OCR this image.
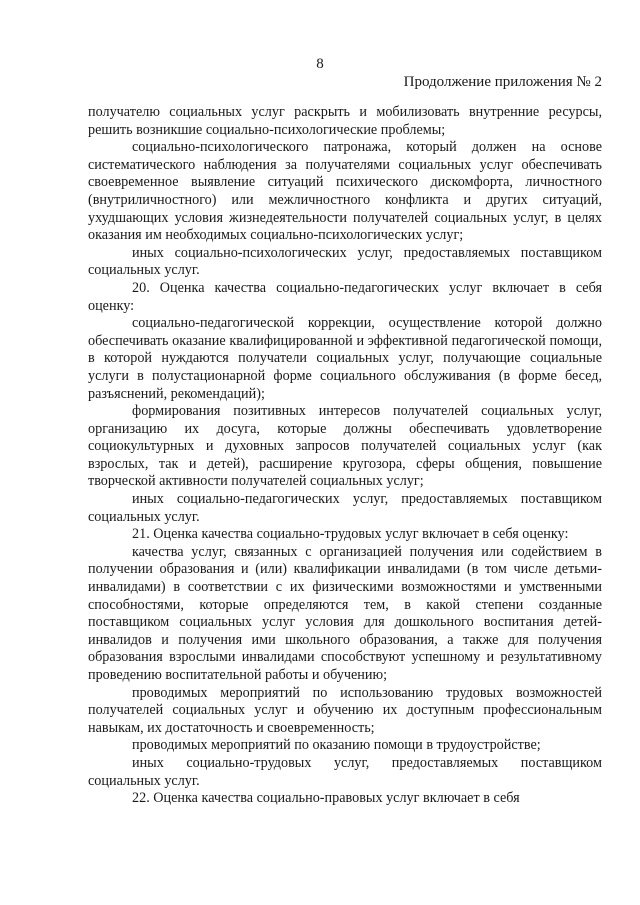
8
Продолжение приложения № 2

получателю социальных услуг раскрыть и мобилизовать внутренние ресурсы, решить возникшие социально-психологические проблемы;

социально-психологического патронажа, который должен на основе систематического наблюдения за получателями социальных услуг обеспечивать своевременное выявление ситуаций психического дискомфорта, личностного (внутриличностного) или межличностного конфликта и других ситуаций, ухудшающих условия жизнедеятельности получателей социальных услуг, в целях оказания им необходимых социально-психологических услуг;

иных социально-психологических услуг, предоставляемых поставщиком социальных услуг.

20. Оценка качества социально-педагогических услуг включает в себя оценку:

социально-педагогической коррекции, осуществление которой должно обеспечивать оказание квалифицированной и эффективной педагогической помощи, в которой нуждаются получатели социальных услуг, получающие социальные услуги в полустационарной форме социального обслуживания (в форме бесед, разъяснений, рекомендаций);

формирования позитивных интересов получателей социальных услуг, организацию их досуга, которые должны обеспечивать удовлетворение социокультурных и духовных запросов получателей социальных услуг (как взрослых, так и детей), расширение кругозора, сферы общения, повышение творческой активности получателей социальных услуг;

иных социально-педагогических услуг, предоставляемых поставщиком социальных услуг.

21. Оценка качества социально-трудовых услуг включает в себя оценку:

качества услуг, связанных с организацией получения или содействием в получении образования и (или) квалификации инвалидами (в том числе детьми-инвалидами) в соответствии с их физическими возможностями и умственными способностями, которые определяются тем, в какой степени созданные поставщиком социальных услуг условия для дошкольного воспитания детей-инвалидов и получения ими школьного образования, а также для получения образования взрослыми инвалидами способствуют успешному и результативному проведению воспитательной работы и обучению;

проводимых мероприятий по использованию трудовых возможностей получателей социальных услуг и обучению их доступным профессиональным навыкам, их достаточность и своевременность;

проводимых мероприятий по оказанию помощи в трудоустройстве;

иных социально-трудовых услуг, предоставляемых поставщиком социальных услуг.

22. Оценка качества социально-правовых услуг включает в себя
